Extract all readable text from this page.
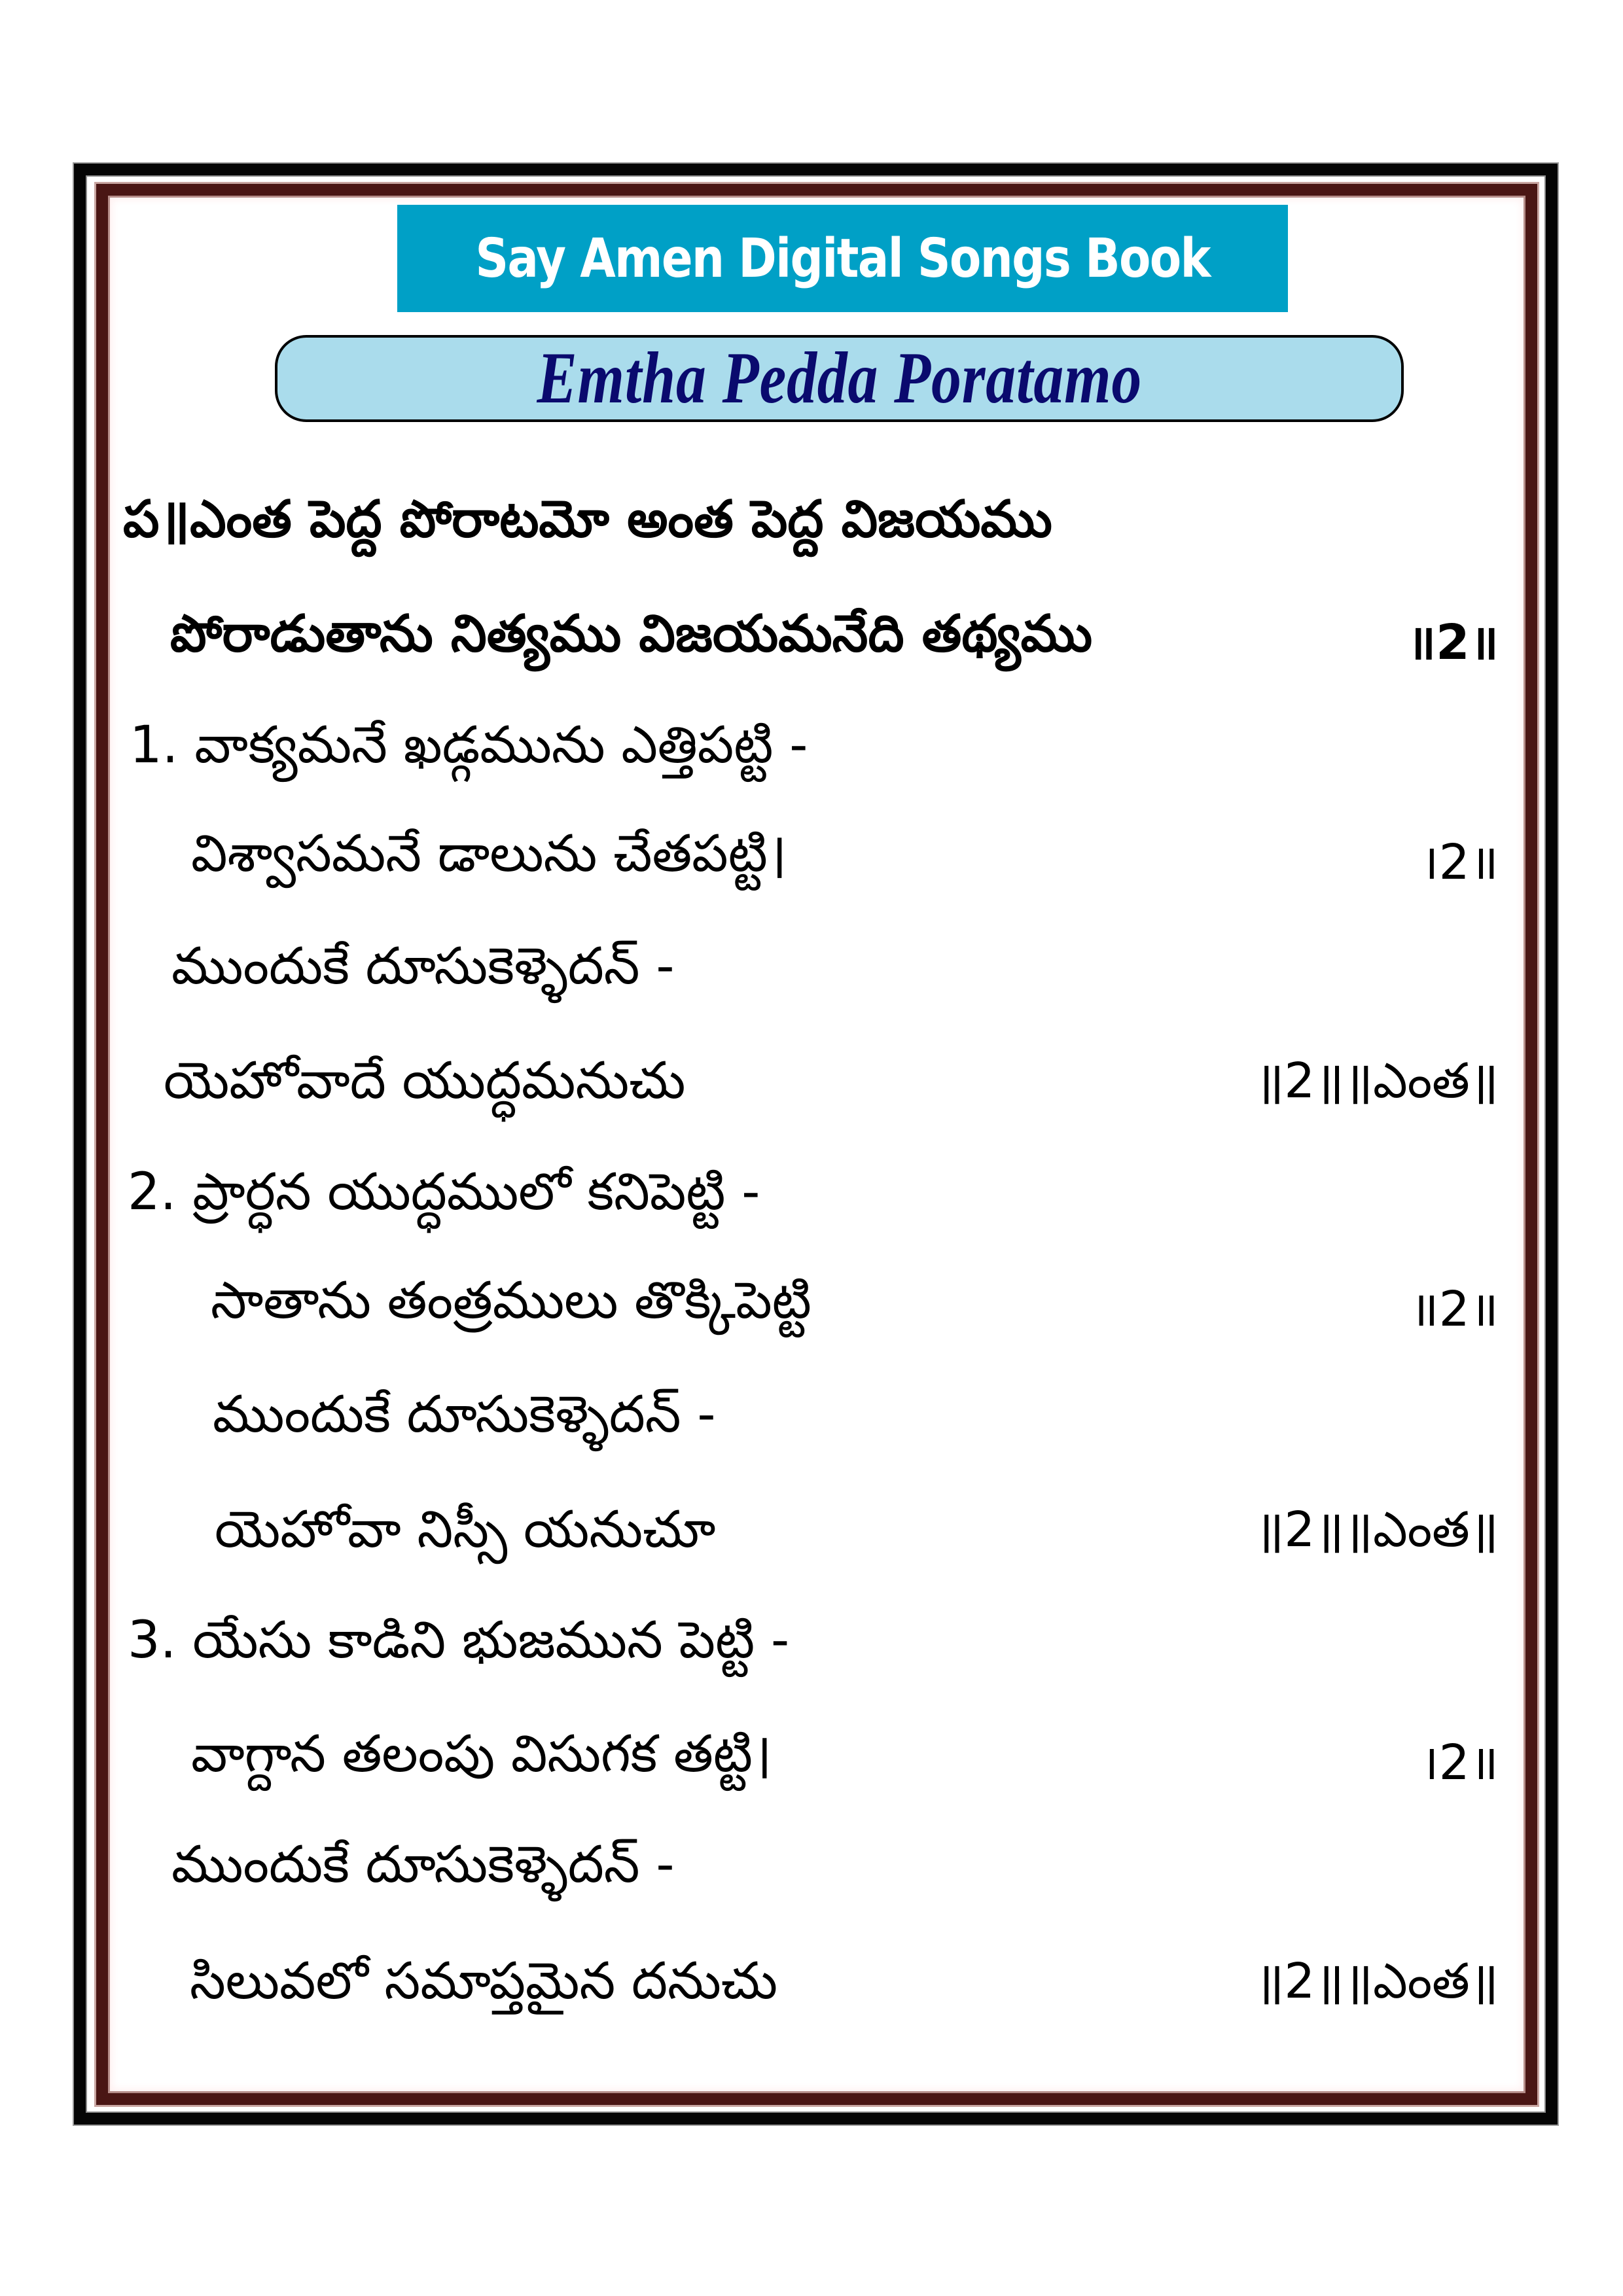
Say Amen Digital Songs Book
Emtha Pedda Poratamo
ప॥ఎంత పెద్ద పోరాటమో అంత పెద్ద విజయము
పోరాడుతాను నిత్యము విజయమనేది తథ్యము	॥2॥
1. వాక్యమనే ఖడ్గమును ఎత్తిపట్టి -
విశ్వాసమనే డాలును చేతపట్టి।	।2॥
ముందుకే దూసుకెళ్ళెదన్ -
యెహోవాదే యుద్ధమనుచు	॥2॥॥ఎంత॥
2. ప్రార్ధన యుద్ధములో కనిపెట్టి -
సాతాను తంత్రములు తొక్కిపెట్టి	॥2॥
ముందుకే దూసుకెళ్ళెదన్ -
యెహోవా నిస్సీ యనుచూ	॥2॥॥ఎంత॥
3. యేసు కాడిని భుజమున పెట్టి -
వాగ్దాన తలంపు విసుగక తట్టి।	।2॥
ముందుకే దూసుకెళ్ళెదన్ -
సిలువలో సమాప్తమైన దనుచు	॥2॥॥ఎంత॥
